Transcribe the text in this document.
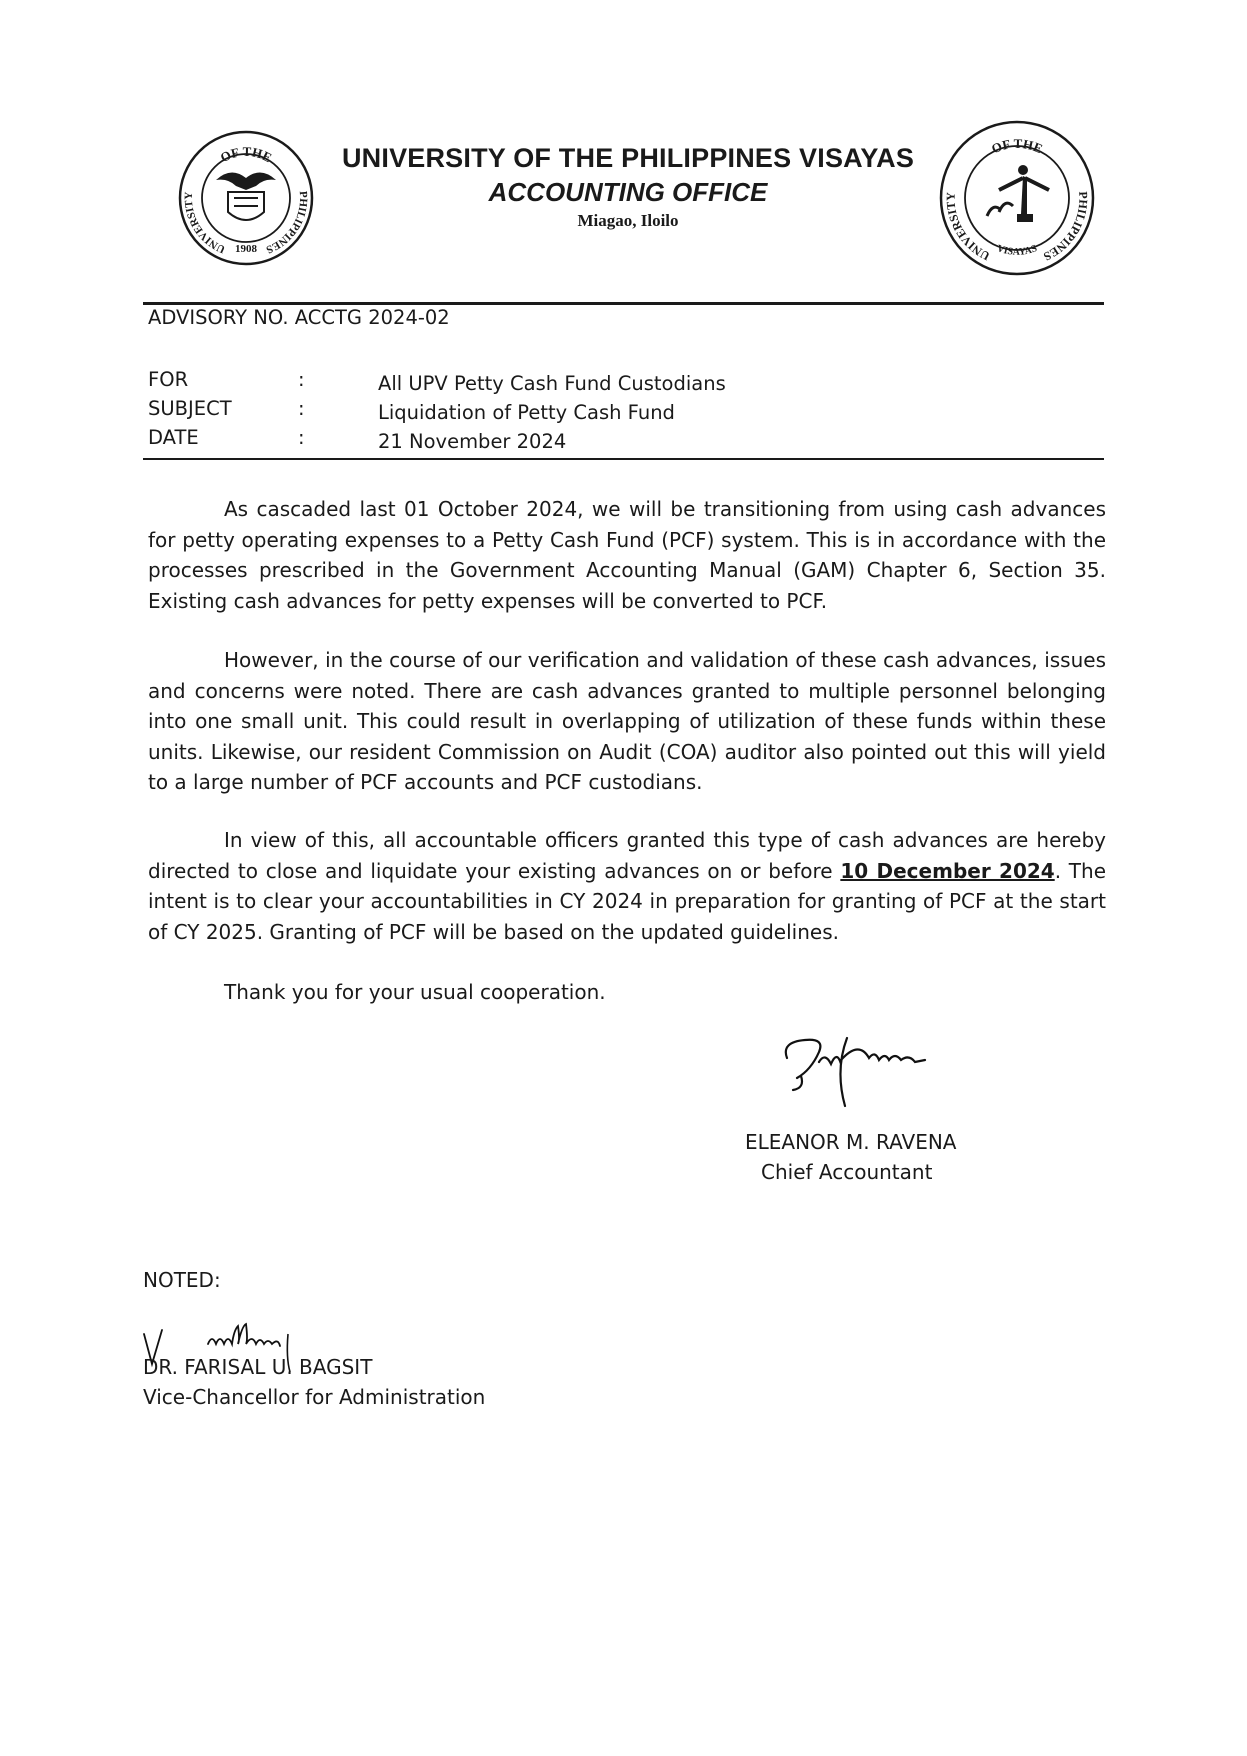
OF THE
UNIVERSITY	PHILIPPINES
1908
UNIVERSITY OF THE PHILIPPINES VISAYAS
ACCOUNTING OFFICE
Miagao, Iloilo
OF THE
UNIVERSITY	PHILIPPINES
VISAYAS
ADVISORY NO. ACCTG 2024-02
FOR	:	All UPV Petty Cash Fund Custodians
SUBJECT	:	Liquidation of Petty Cash Fund
DATE	:	21 November 2024
As cascaded last 01 October 2024, we will be transitioning from using cash advances for petty operating expenses to a Petty Cash Fund (PCF) system. This is in accordance with the processes prescribed in the Government Accounting Manual (GAM) Chapter 6, Section 35. Existing cash advances for petty expenses will be converted to PCF.
However, in the course of our verification and validation of these cash advances, issues and concerns were noted. There are cash advances granted to multiple personnel belonging into one small unit. This could result in overlapping of utilization of these funds within these units. Likewise, our resident Commission on Audit (COA) auditor also pointed out this will yield to a large number of PCF accounts and PCF custodians.
In view of this, all accountable officers granted this type of cash advances are hereby directed to close and liquidate your existing advances on or before 10 December 2024. The intent is to clear your accountabilities in CY 2024 in preparation for granting of PCF at the start of CY 2025. Granting of PCF will be based on the updated guidelines.
Thank you for your usual cooperation.
ELEANOR M. RAVENA
Chief Accountant
NOTED:
DR. FARISAL U. BAGSIT
Vice-Chancellor for Administration
